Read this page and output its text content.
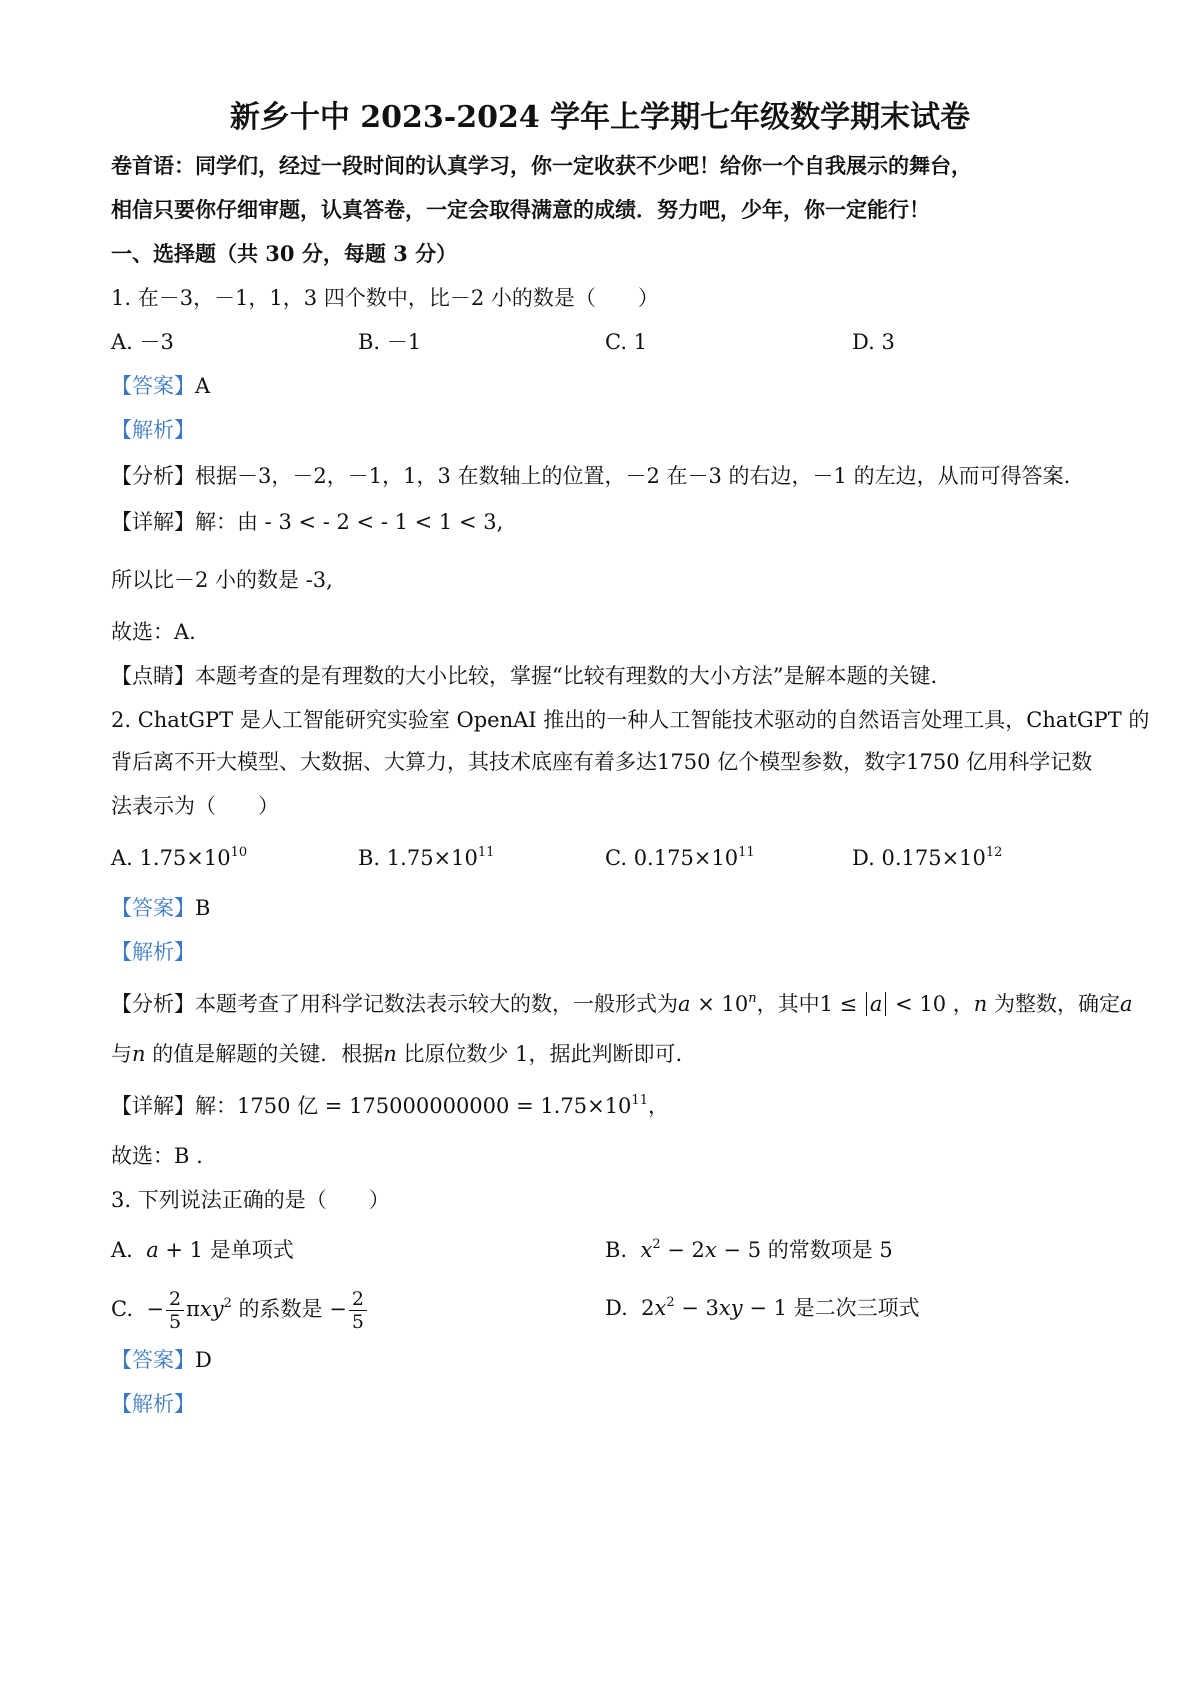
新乡十中 2023-2024 学年上学期七年级数学期末试卷
卷首语：同学们，经过一段时间的认真学习，你一定收获不少吧！给你一个自我展示的舞台，
相信只要你仔细审题，认真答卷，一定会取得满意的成绩．努力吧，少年，你一定能行！
一、选择题（共 30 分，每题 3 分）
1. 在－3，－1，1，3 四个数中，比－2 小的数是（　　）
A. －3	B. －1	C. 1	D. 3
【答案】A
【解析】
【分析】根据－3，－2，－1，1，3 在数轴上的位置，－2 在－3 的右边，－1 的左边，从而可得答案.
【详解】解：由 - 3 < - 2 < - 1 < 1 < 3,
所以比－2 小的数是 -3,
故选：A.
【点睛】本题考查的是有理数的大小比较，掌握“比较有理数的大小方法”是解本题的关键.
2. ChatGPT 是人工智能研究实验室 OpenAI 推出的一种人工智能技术驱动的自然语言处理工具，ChatGPT 的
背后离不开大模型、大数据、大算力，其技术底座有着多达1750 亿个模型参数，数字1750 亿用科学记数
法表示为（　　）
A. $1.75\times 10^{10}$	B. $1.75\times 10^{11}$	C. $0.175\times 10^{11}$	D. $0.175\times 10^{12}$
【答案】B
【解析】
【分析】本题考查了用科学记数法表示较大的数，一般形式为$a \times 10^n$，其中1 ≤ a < 10 ，n 为整数，确定a
与n 的值是解题的关键．根据n 比原位数少 1，据此判断即可.
【详解】解：1750 亿 = $175000000000 = 1.75\times 10^{11}$，
故选：B .
3. 下列说法正确的是（　　）
A.  a + 1 是单项式	B.  $x^2 - 2x - 5$ 的常数项是 5
C.  − $\frac{2}{5} \pi xy^2$ 的系数是 − $\frac{2}{5}$	D.  $2x^2 - 3xy - 1$ 是二次三项式
【答案】D
【解析】
